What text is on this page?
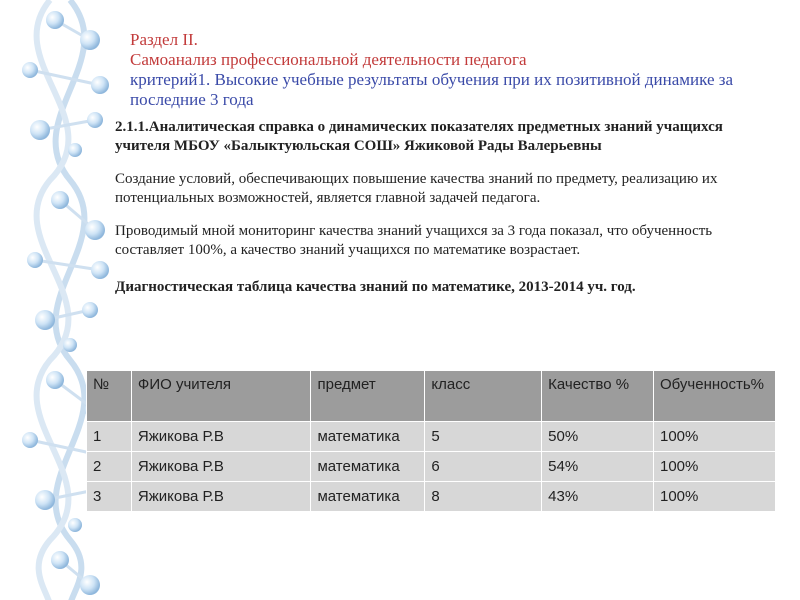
Раздел II.
Самоанализ профессиональной деятельности педагога
критерий1. Высокие учебные результаты обучения при их позитивной динамике за последние 3 года
2.1.1.Аналитическая справка о динамических показателях предметных знаний учащихся учителя МБОУ «Балыктуюльская СОШ» Яжиковой Рады Валерьевны

Создание условий, обеспечивающих повышение качества знаний по предмету, реализацию их потенциальных возможностей, является главной задачей педагога.

Проводимый мной мониторинг качества знаний учащихся за 3 года показал, что обученность составляет 100%, а качество знаний учащихся по математике возрастает.

Диагностическая таблица качества знаний по математике, 2013-2014 уч. год.
№	ФИО учителя	предмет	класс	Качество %	Обученность%
1	Яжикова Р.В	математика	5	50%	100%
2	Яжикова Р.В	математика	6	54%	100%
3	Яжикова Р.В	математика	8	43%	100%
